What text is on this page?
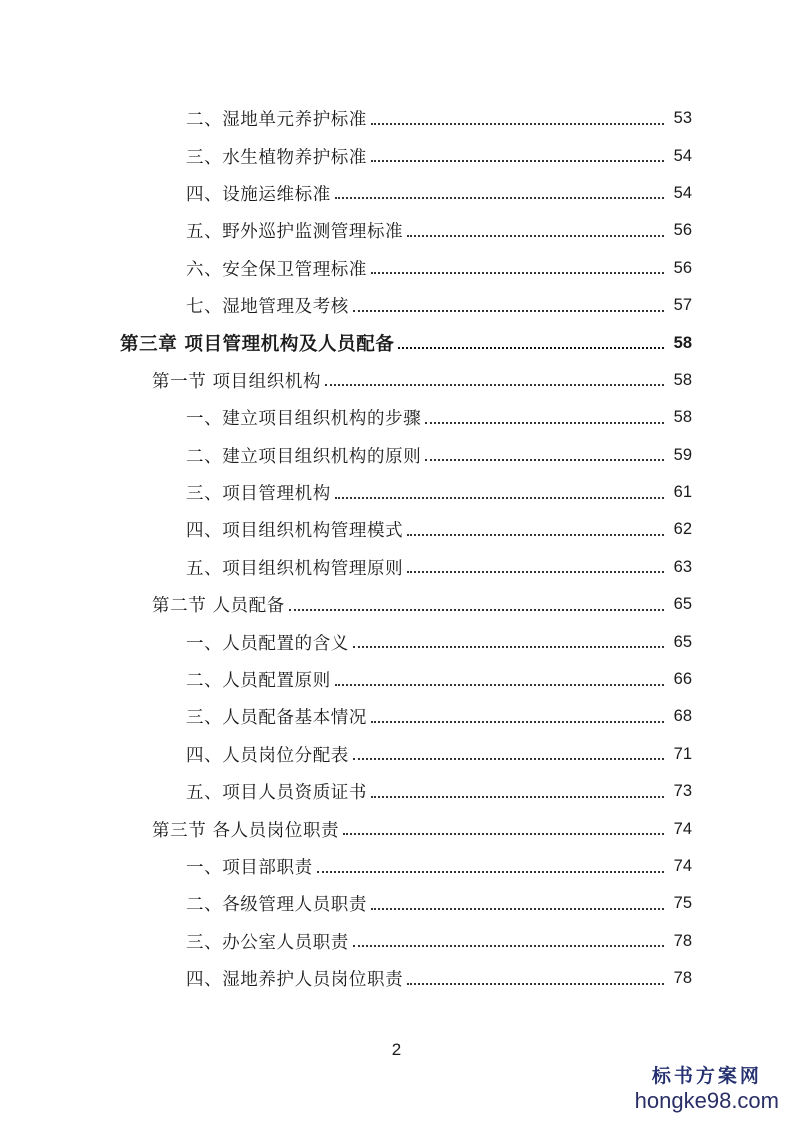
二、湿地单元养护标准	53
三、水生植物养护标准	54
四、设施运维标准	54
五、野外巡护监测管理标准	56
六、安全保卫管理标准	56
七、湿地管理及考核	57
第三章 项目管理机构及人员配备	58
第一节 项目组织机构	58
一、建立项目组织机构的步骤	58
二、建立项目组织机构的原则	59
三、项目管理机构	61
四、项目组织机构管理模式	62
五、项目组织机构管理原则	63
第二节 人员配备	65
一、人员配置的含义	65
二、人员配置原则	66
三、人员配备基本情况	68
四、人员岗位分配表	71
五、项目人员资质证书	73
第三节 各人员岗位职责	74
一、项目部职责	74
二、各级管理人员职责	75
三、办公室人员职责	78
四、湿地养护人员岗位职责	78
2
标书方案网
hongke98.com
